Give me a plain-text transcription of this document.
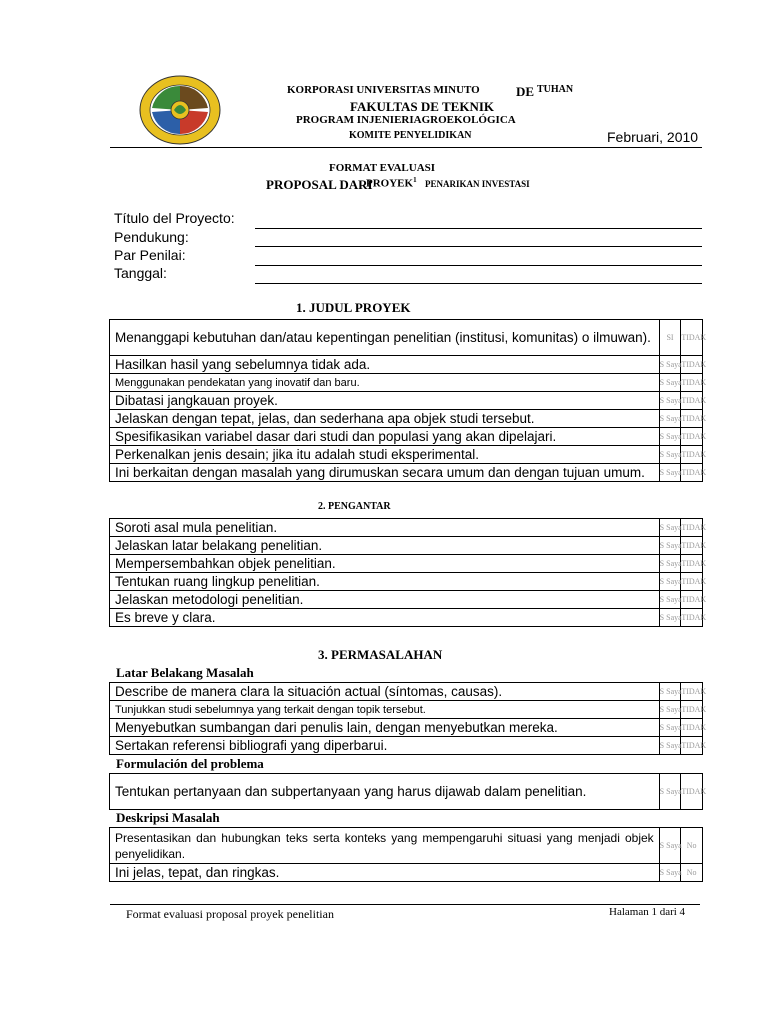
KORPORASI UNIVERSITAS MINUTO	DE TUHAN
FAKULTAS DE TEKNIK
PROGRAM INJENIERIAGROEKOLÓGICA
KOMITE PENYELIDIKAN	Februari, 2010
FORMAT EVALUASI
PROPOSAL DARI
PROYEK$^1$ PENARIKAN INVESTASI
Título del Proyecto:
Pendukung:
Par Penilai:
Tanggal:
1. JUDUL PROYEK
Menanggapi kebutuhan dan/atau kepentingan penelitian (institusi, komunitas) o ilmuwan).	SI	TIDAK
Hasilkan hasil yang sebelumnya tidak ada.	S Saya	TIDAK
Menggunakan pendekatan yang inovatif dan baru.	S Saya	TIDAK
Dibatasi jangkauan proyek.	S Saya	TIDAK
Jelaskan dengan tepat, jelas, dan sederhana apa objek studi tersebut.	S Saya	TIDAK
Spesifikasikan variabel dasar dari studi dan populasi yang akan dipelajari.	S Saya	TIDAK
Perkenalkan jenis desain; jika itu adalah studi eksperimental.	S Saya	TIDAK
Ini berkaitan dengan masalah yang dirumuskan secara umum dan dengan tujuan umum.	S Saya	TIDAK
2. PENGANTAR
Soroti asal mula penelitian.	S Saya	TIDAK
Jelaskan latar belakang penelitian.	S Saya	TIDAK
Mempersembahkan objek penelitian.	S Saya	TIDAK
Tentukan ruang lingkup penelitian.	S Saya	TIDAK
Jelaskan metodologi penelitian.	S Saya	TIDAK
Es breve y clara.	S Saya	TIDAK
3. PERMASALAHAN
Latar Belakang Masalah
Describe de manera clara la situación actual (síntomas, causas).	S Saya	TIDAK
Tunjukkan studi sebelumnya yang terkait dengan topik tersebut.	S Saya	TIDAK
Menyebutkan sumbangan dari penulis lain, dengan menyebutkan mereka.	S Saya	TIDAK
Sertakan referensi bibliografi yang diperbarui.	S Saya	TIDAK
Formulación del problema
Tentukan pertanyaan dan subpertanyaan yang harus dijawab dalam penelitian.	S Saya	TIDAK
Deskripsi Masalah
Presentasikan dan hubungkan teks serta konteks yang mempengaruhi situasi yang menjadi objek penyelidikan.	S Saya	No
Ini jelas, tepat, dan ringkas.	S Saya	No
Format evaluasi proposal proyek penelitian	Halaman 1 dari 4
